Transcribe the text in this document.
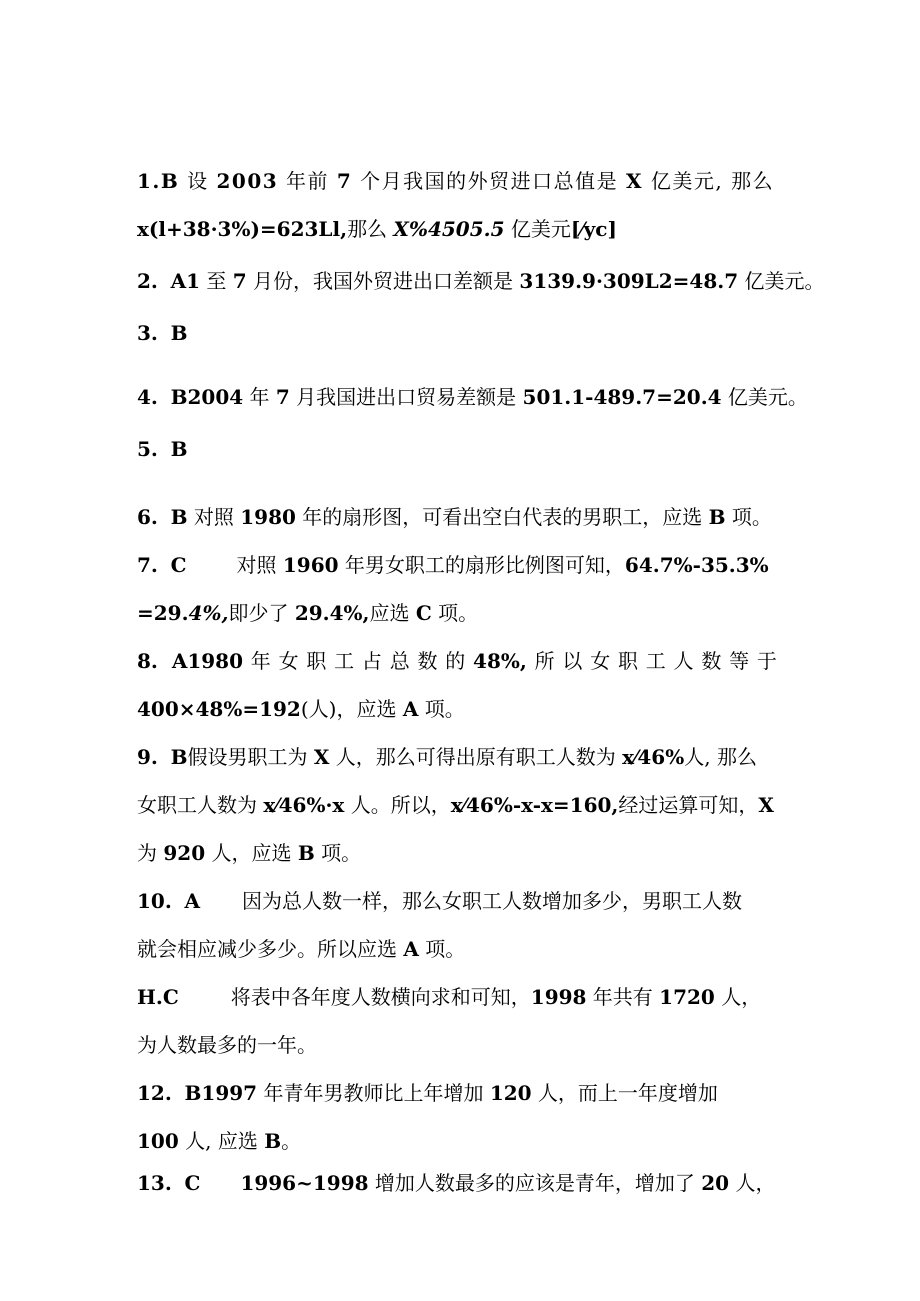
1.B 设 2003 年前 7 个月我国的外贸进口总值是 X 亿美元, 那么
x(l+38·3%)=623Ll,那么 X%4505.5 亿美元[⁄yc]
2. A1 至 7 月份，我国外贸进出口差额是 3139.9·309L2=48.7 亿美元。
3. B
4. B2004 年 7 月我国进出口贸易差额是 501.1-489.7=20.4 亿美元。
5. B
6. B 对照 1980 年的扇形图，可看出空白代表的男职工，应选 B 项。
7. C	对照 1960 年男女职工的扇形比例图可知，64.7%-35.3%
=29.4%,即少了 29.4%,应选 C 项。
8. A1980 年 女 职 工 占 总 数 的 48%, 所 以 女 职 工 人 数 等 于
400×48%=192(人)，应选 A 项。
9. B假设男职工为 X 人，那么可得出原有职工人数为 x⁄46%人, 那么
女职工人数为 x⁄46%·x 人。所以，x⁄46%-x-x=160,经过运算可知，X
为 920 人，应选 B 项。
10. A 因为总人数一样，那么女职工人数增加多少，男职工人数
就会相应减少多少。所以应选 A 项。
H.C	将表中各年度人数横向求和可知，1998 年共有 1720 人，
为人数最多的一年。
12. B1997 年青年男教师比上年增加 120 人，而上一年度增加
100 人, 应选 B。
13. C 1996~1998 增加人数最多的应该是青年，增加了 20 人，
